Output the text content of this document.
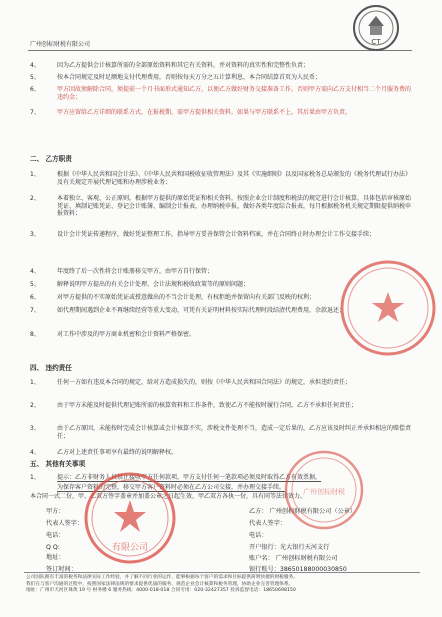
广州创标财税有限公司	CT
4、	因为乙方提供会计核算所需的全部原始资料和其它有关资料，并对资料的真实性和完整性负责；
5、	按本合同规定及时足额地支付代理费用，否则按每天万分之五计算利息，本合同结算首页为人民币；
6、	甲方因故须解除合同，须提前一个月书面形式通知乙方，以便乙方做好财务交接准备工作，否则甲方需向乙方支付相当二个月服务费的违约金；
7、	甲方应留给乙方详细的联系方式，在报税期，需甲方提供相关资料，如果与甲方联系不上，其后果由甲方负责。
二、 乙方职责
1、	根据《中华人民共和国会计法》、《中华人民共和国税收征收管理法》及其《实施细则》以及国家税务总局颁发的《税务代理试行办法》及有关规定开展代理记账和办理涉税业务；
2、	本着独立、客观、公正原则，根据甲方提供的原始凭证和相关资料，按照企业会计制度和税法的规定进行会计核算，具体包括审核原始凭证、填制记账凭证、登记会计账簿、编制会计报表，办理纳税申报，做好各类年度综合报表，每月根据税务机关规定期限提供纳税申报资料；
3、	设计会计凭证传递程序，做好凭证整理工作，指导甲方妥善保管会计资料档案，并在合同终止时办理会计工作交接手续；
4、	年度终了后一次性将会计账册移交甲方，由甲方自行保管；
5、	解释说明甲方提出的有关会计处理、会计法规和税收政策等的原则问题；
6、	对甲方提供的不实原始凭证或授意做出的不当会计处理，有权拒绝并保留向有关部门反映的权利；
7、	如代理期间遇到企业不再继续经营等重大变动，可凭有关证明材料按实际代理时段结清代理费用，余款退还；
8、	对工作中涉及的甲方商业机密和会计资料严格保密。
四、 违约责任
1、	任何一方如有违反本合同的规定，给对方造成损失的，则按《中华人民共和国合同法》的规定，承担违约责任；
2、	由于甲方未能及时提供代理记账所需的核算资料和工作条件，致使乙方不能按时履行合同，乙方不承担任何责任；
3、	由于乙方原因，未能按时完成会计核算或会计核算不实，涉税文件处理不当，造成一定后果的，乙方应该及时纠正并承担相应的赔偿责任；
4、	乙方对上述责任事项享有最终的说明解释权。
五、 其他有关事项
1、	提示：乙方非财务人员禁止接收甲方任何款项，甲方支付任何一笔款项必须及时取得乙方有效票据，
为保存客户资料的完整，移交甲方客户资料时必须在乙方公司交接，并办理交接手续。
本合同一式二份，甲、乙双方签字盖章并加盖公章之日起生效，甲乙双方各执一份，具有同等法律效力。
甲方：
代表人签字：
电话：
Q Q:
地址：
签订时间：
乙方： 广州创标财税有限公司（公章）
代表人签字：
电话：
开户银行：光大银行天河支行
账户名： 广州创标财税有限公司
银行账号：38650188000030850
有限公司
广州创标财税
公司因队拥有丰富的税务和法律实际工作经验，并了解不同行业的运作，能够根据每个客户的需求和目标提供简明快捷的财税服务。
我们在与客户沟通的过程中，按照国家法律法规的要求提供优质的服务，规范企业会计核算和税务管理，协助企业完善管理体系。
地址：广州市天河区珠黄 19 号 财务楼 6 服务热线：4000-018-018 合同专用：020-32427357 投诉监督电话：18650698150
